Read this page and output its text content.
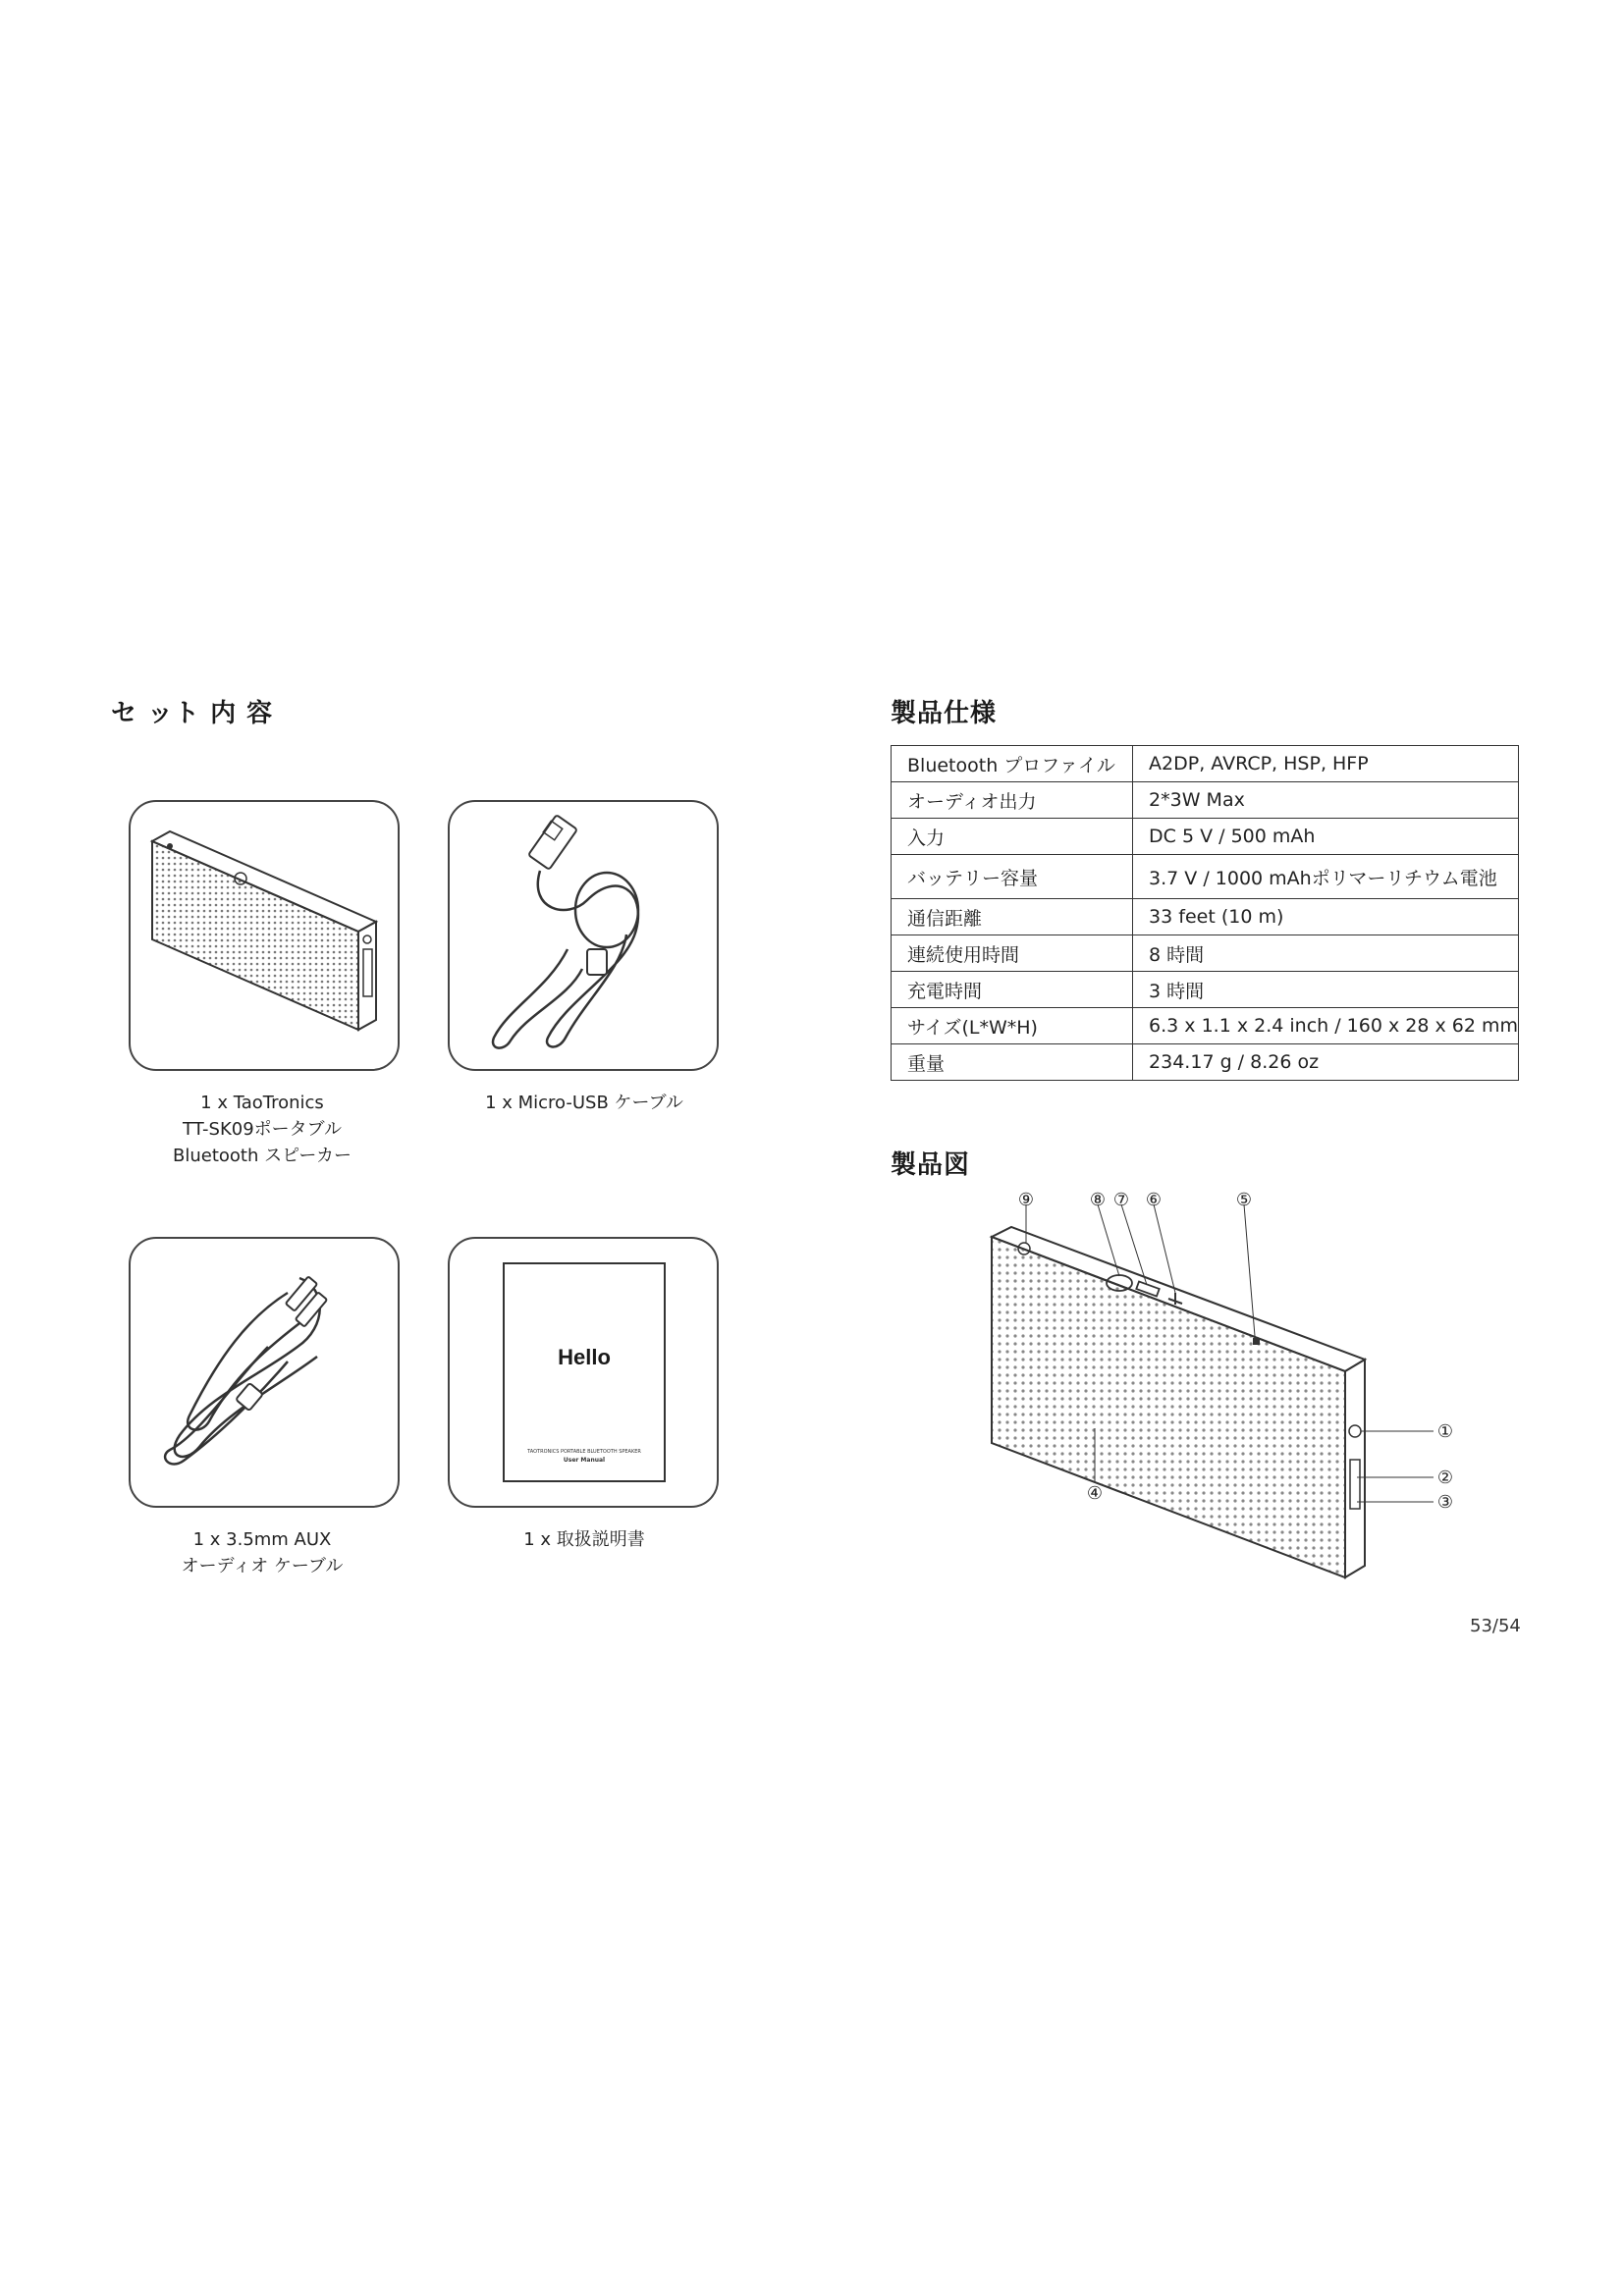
セ ット 内 容
1 x TaoTronics
TT-SK09ポータブル
Bluetooth スピーカー
1 x Micro-USB ケーブル
Hello
TAOTRONICS PORTABLE BLUETOOTH SPEAKER
User Manual
1 x 3.5mm AUX
オーディオ ケーブル
1 x 取扱説明書
製品仕様
Bluetooth プロファイル	A2DP, AVRCP, HSP, HFP
オーディオ出力	2*3W Max
入力	DC 5 V / 500 mAh
バッテリー容量	3.7 V / 1000 mAhポリマーリチウム電池
通信距離	33 feet (10 m)
連続使用時間	8 時間
充電時間	3 時間
サイズ(L*W*H)	6.3 x 1.1 x 2.4 inch / 160 x 28 x 62 mm
重量	234.17 g / 8.26 oz
製品図
⑨	⑧ ⑦ ⑥	⑤
①
②
③
④
53/54
